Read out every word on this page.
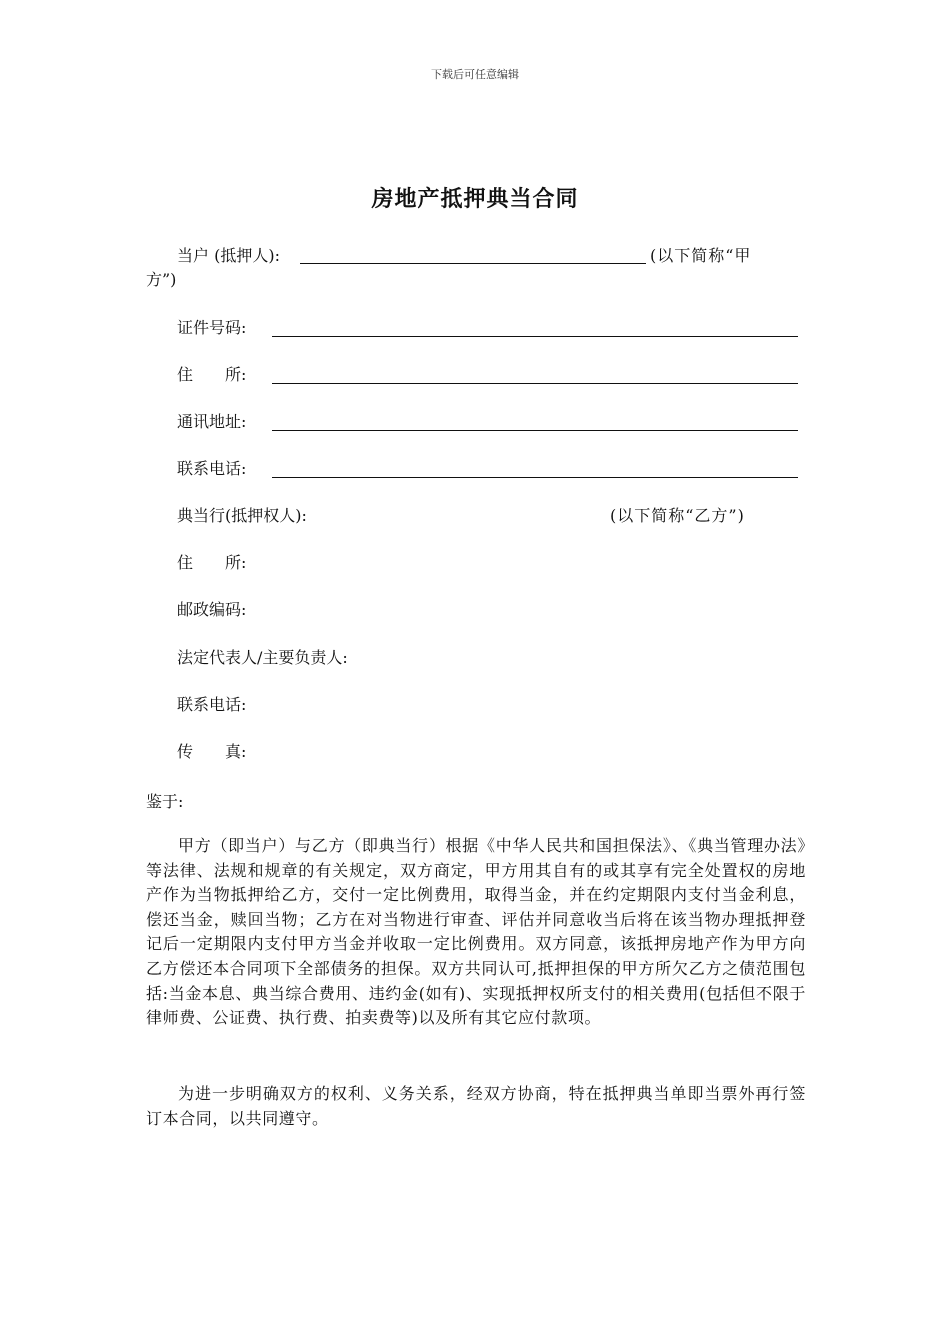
下载后可任意编辑
房地产抵押典当合同
当户 (抵押人):	(以下简称“甲
方”)
证件号码:
住　　所:
通讯地址:
联系电话:
典当行(抵押权人):	(以下简称“乙方”)
住　　所:
邮政编码:
法定代表人/主要负责人:
联系电话:
传　　真:
鉴于:

甲方（即当户）与乙方（即典当行）根据《中华人民共和国担保法》、《典当管理办法》等法律、法规和规章的有关规定，双方商定，甲方用其自有的或其享有完全处置权的房地产作为当物抵押给乙方，交付一定比例费用，取得当金，并在约定期限内支付当金利息，偿还当金，赎回当物；乙方在对当物进行审查、评估并同意收当后将在该当物办理抵押登记后一定期限内支付甲方当金并收取一定比例费用。双方同意，该抵押房地产作为甲方向乙方偿还本合同项下全部债务的担保。双方共同认可,抵押担保的甲方所欠乙方之债范围包括:当金本息、典当综合费用、违约金(如有)、实现抵押权所支付的相关费用(包括但不限于律师费、公证费、执行费、拍卖费等)以及所有其它应付款项。

为进一步明确双方的权利、义务关系，经双方协商，特在抵押典当单即当票外再行签订本合同，以共同遵守。
